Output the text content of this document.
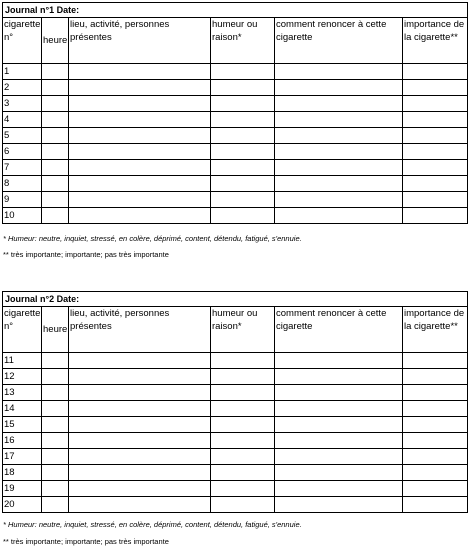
Journal n°1 Date:					
cigarette n°	heure	lieu, activité, personnes présentes	humeur ou raison*	comment renoncer à cette cigarette	importance de la cigarette**
1					
2					
3					
4					
5					
6					
7					
8					
9					
10					
* Humeur: neutre, inquiet, stressé, en colère, déprimé, content, détendu, fatigué, s'ennuie.
** très importante; importante; pas très importante
Journal n°2 Date:					
cigarette n°	heure	lieu, activité, personnes présentes	humeur ou raison*	comment renoncer à cette cigarette	importance de la cigarette**
11					
12					
13					
14					
15					
16					
17					
18					
19					
20					
* Humeur: neutre, inquiet, stressé, en colère, déprimé, content, détendu, fatigué, s'ennuie.
** très importante; importante; pas très importante
